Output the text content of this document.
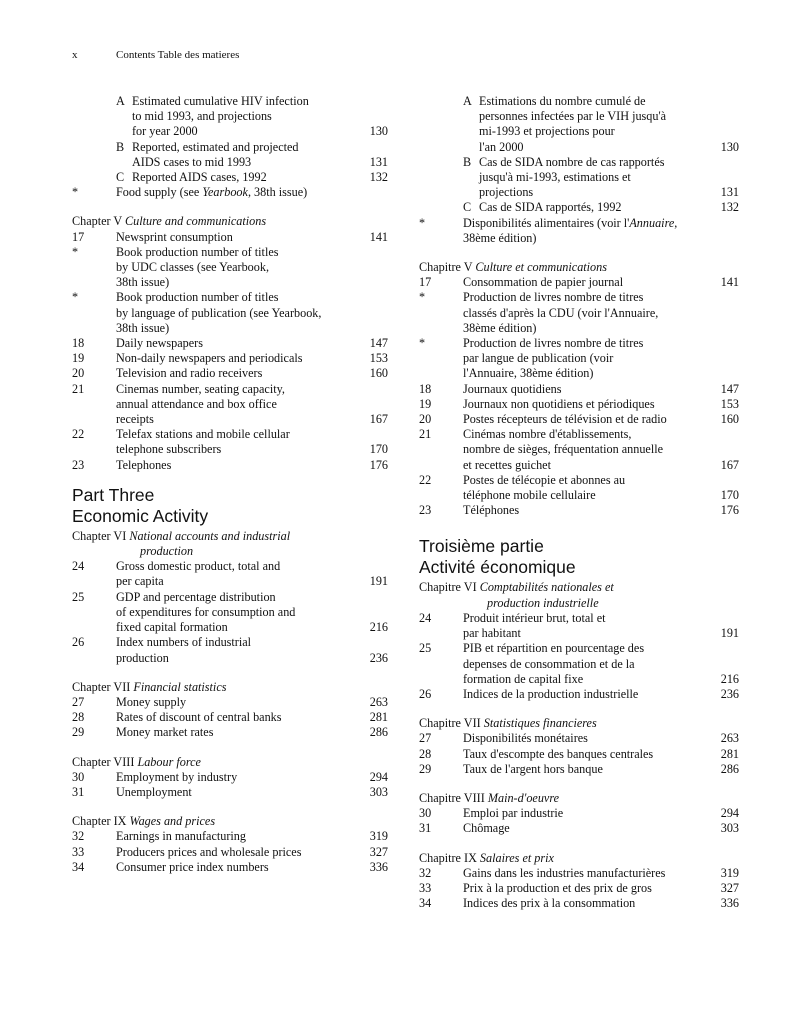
x	Contents Table des matieres
A Estimated cumulative HIV infection
to mid 1993, and projections
for year 2000	130
B Reported, estimated and projected
AIDS cases to mid 1993	131
C Reported AIDS cases, 1992	132
*	Food supply (see Yearbook, 38th issue)
Chapter V Culture and communications
17	Newsprint consumption	141
*	Book production number of titles
by UDC classes (see Yearbook,
38th issue)
*	Book production number of titles
by language of publication (see Yearbook,
38th issue)
18	Daily newspapers	147
19	Non-daily newspapers and periodicals	153
20	Television and radio receivers	160
21	Cinemas number, seating capacity,
annual attendance and box office
receipts	167
22	Telefax stations and mobile cellular
telephone subscribers	170
23	Telephones	176
Part Three
Economic Activity
Chapter VI National accounts and industrial
production
24	Gross domestic product, total and
per capita	191
25	GDP and percentage distribution
of expenditures for consumption and
fixed capital formation	216
26	Index numbers of industrial
production	236
Chapter VII Financial statistics
27	Money supply	263
28	Rates of discount of central banks	281
29	Money market rates	286
Chapter VIII Labour force
30	Employment by industry	294
31	Unemployment	303
Chapter IX Wages and prices
32	Earnings in manufacturing	319
33	Producers prices and wholesale prices	327
34	Consumer price index numbers	336
A Estimations du nombre cumulé de
personnes infectées par le VIH jusqu'à
mi-1993 et projections pour
l'an 2000	130
B Cas de SIDA nombre de cas rapportés
jusqu'à mi-1993, estimations et
projections	131
C Cas de SIDA rapportés, 1992	132
*	Disponibilités alimentaires (voir l'Annuaire,
38ème édition)
Chapitre V Culture et communications
17	Consommation de papier journal	141
*	Production de livres nombre de titres
classés d'après la CDU (voir l'Annuaire,
38ème édition)
*	Production de livres nombre de titres
par langue de publication (voir
l'Annuaire, 38ème édition)
18	Journaux quotidiens	147
19	Journaux non quotidiens et périodiques	153
20	Postes récepteurs de télévision et de radio	160
21	Cinémas nombre d'établissements,
nombre de sièges, fréquentation annuelle
et recettes guichet	167
22	Postes de télécopie et abonnes au
téléphone mobile cellulaire	170
23	Téléphones	176
Troisième partie
Activité économique
Chapitre VI Comptabilités nationales et
production industrielle
24	Produit intérieur brut, total et
par habitant	191
25	PIB et répartition en pourcentage des
depenses de consommation et de la
formation de capital fixe	216
26	Indices de la production industrielle	236
Chapitre VII Statistiques financieres
27	Disponibilités monétaires	263
28	Taux d'escompte des banques centrales	281
29	Taux de l'argent hors banque	286
Chapitre VIII Main-d'oeuvre
30	Emploi par industrie	294
31	Chômage	303
Chapitre IX Salaires et prix
32	Gains dans les industries manufacturières	319
33	Prix à la production et des prix de gros	327
34	Indices des prix à la consommation	336
